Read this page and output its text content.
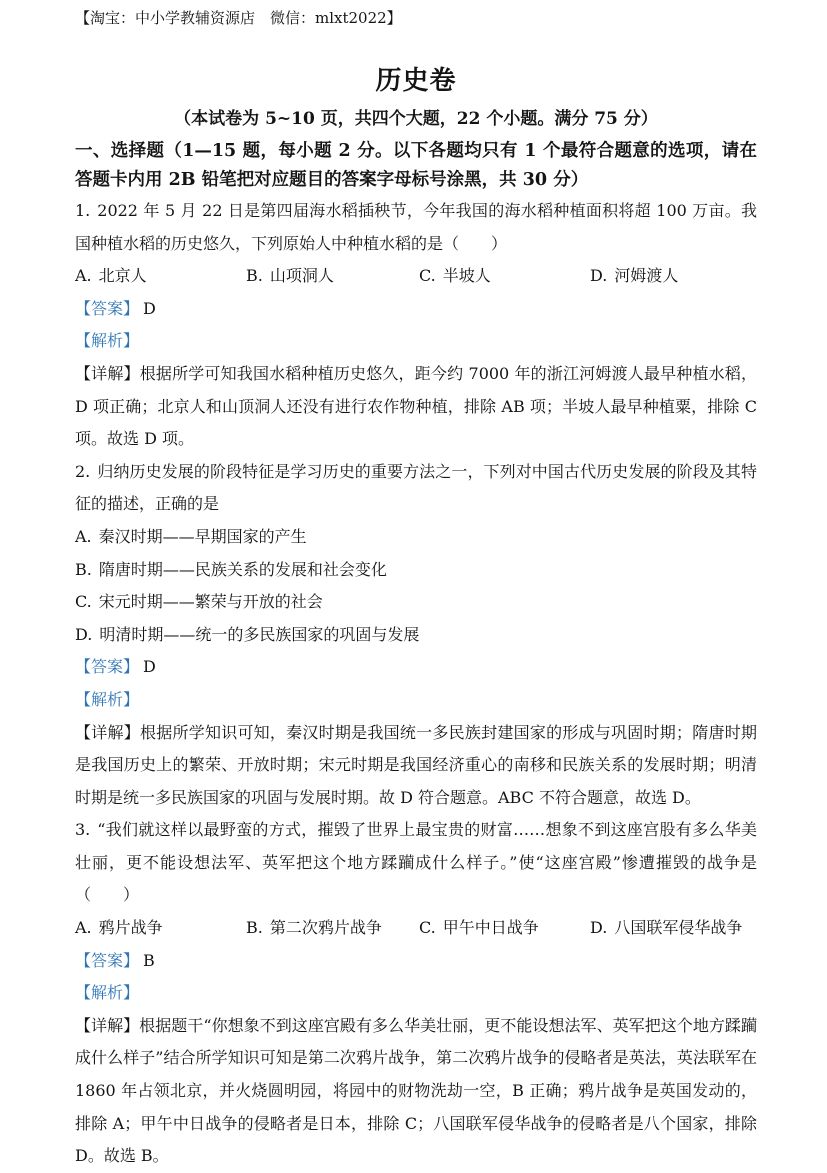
【淘宝：中小学教辅资源店　微信：mlxt2022】
历史卷
（本试卷为 5~10 页，共四个大题，22 个小题。满分 75 分）
一、选择题（1—15 题，每小题 2 分。以下各题均只有 1 个最符合题意的选项，请在答题卡内用 2B 铅笔把对应题目的答案字母标号涂黑，共 30 分）

1. 2022 年 5 月 22 日是第四届海水稻插秧节，今年我国的海水稻种植面积将超 100 万亩。我国种植水稻的历史悠久，下列原始人中种植水稻的是（　　）

A. 北京人	B. 山项洞人	C. 半坡人	D. 河姆渡人

【答案】 D

【解析】

【详解】根据所学可知我国水稻种植历史悠久，距今约 7000 年的浙江河姆渡人最早种植水稻，D 项正确；北京人和山顶洞人还没有进行农作物种植，排除 AB 项；半坡人最早种植粟，排除 C 项。故选 D 项。

2. 归纳历史发展的阶段特征是学习历史的重要方法之一，下列对中国古代历史发展的阶段及其特征的描述，正确的是

A. 秦汉时期——早期国家的产生
B. 隋唐时期——民族关系的发展和社会变化
C. 宋元时期——繁荣与开放的社会
D. 明清时期——统一的多民族国家的巩固与发展

【答案】 D

【解析】

【详解】根据所学知识可知，秦汉时期是我国统一多民族封建国家的形成与巩固时期；隋唐时期是我国历史上的繁荣、开放时期；宋元时期是我国经济重心的南移和民族关系的发展时期；明清时期是统一多民族国家的巩固与发展时期。故 D 符合题意。ABC 不符合题意，故选 D。

3. “我们就这样以最野蛮的方式，摧毁了世界上最宝贵的财富……想象不到这座宫股有多么华美壮丽，更不能设想法军、英军把这个地方蹂躏成什么样子。”使“这座宫殿”惨遭摧毁的战争是（　　）

A. 鸦片战争	B. 第二次鸦片战争	C. 甲午中日战争	D. 八国联军侵华战争

【答案】 B

【解析】

【详解】根据题干“你想象不到这座宫殿有多么华美壮丽，更不能设想法军、英军把这个地方蹂躏成什么样子”结合所学知识可知是第二次鸦片战争，第二次鸦片战争的侵略者是英法，英法联军在 1860 年占领北京，并火烧圆明园，将园中的财物洗劫一空，B 正确；鸦片战争是英国发动的，排除 A；甲午中日战争的侵略者是日本，排除 C；八国联军侵华战争的侵略者是八个国家，排除 D。故选 B。
